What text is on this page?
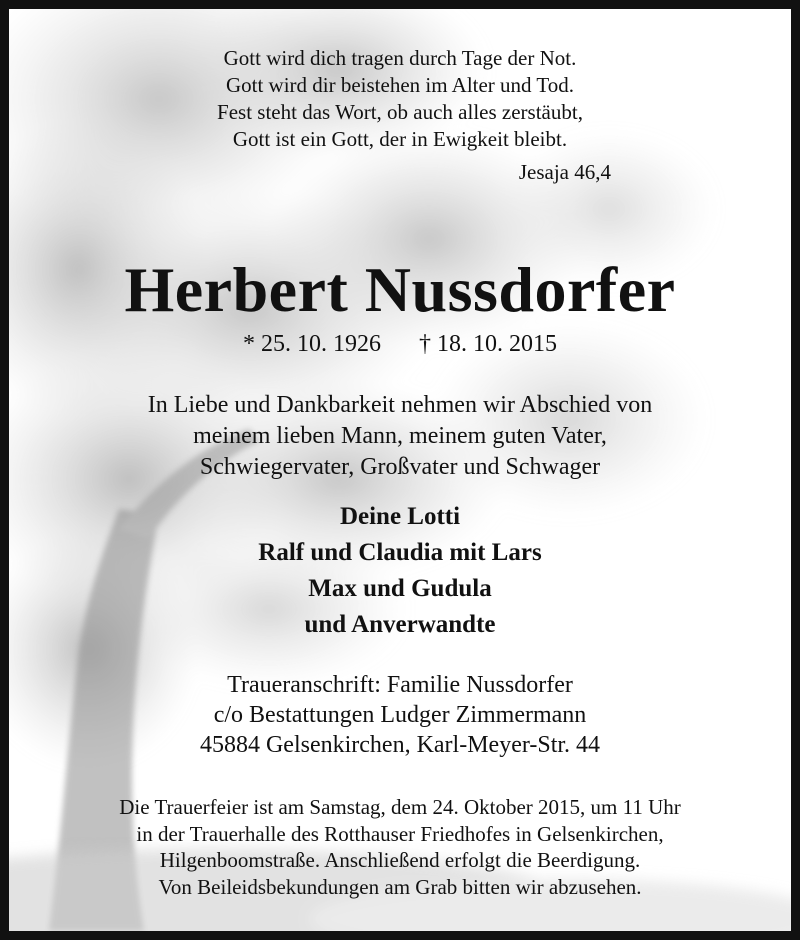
Gott wird dich tragen durch Tage der Not.
Gott wird dir beistehen im Alter und Tod.
Fest steht das Wort, ob auch alles zerstäubt,
Gott ist ein Gott, der in Ewigkeit bleibt.
Jesaja 46,4
Herbert Nussdorfer
* 25. 10. 1926 † 18. 10. 2015
In Liebe und Dankbarkeit nehmen wir Abschied von
meinem lieben Mann, meinem guten Vater,
Schwiegervater, Großvater und Schwager
Deine Lotti
Ralf und Claudia mit Lars
Max und Gudula
und Anverwandte
Traueranschrift: Familie Nussdorfer
c/o Bestattungen Ludger Zimmermann
45884 Gelsenkirchen, Karl-Meyer-Str. 44
Die Trauerfeier ist am Samstag, dem 24. Oktober 2015, um 11 Uhr
in der Trauerhalle des Rotthauser Friedhofes in Gelsenkirchen,
Hilgenboomstraße. Anschließend erfolgt die Beerdigung.
Von Beileidsbekundungen am Grab bitten wir abzusehen.
